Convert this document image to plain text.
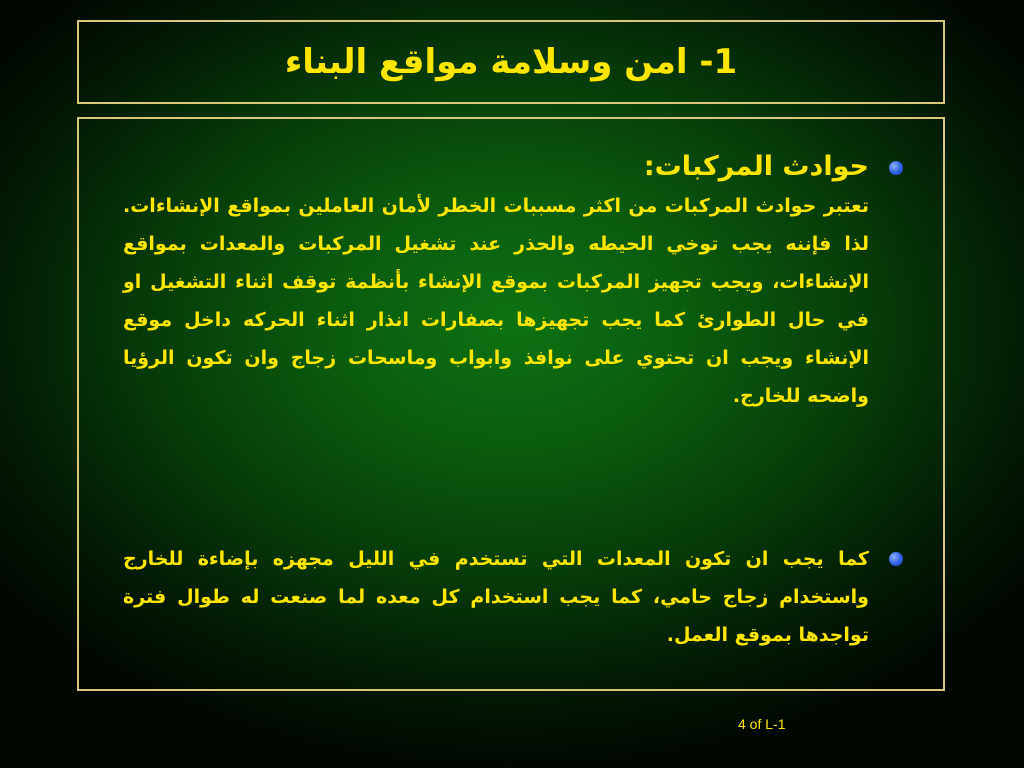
1- امن وسلامة مواقع البناء
حوادث المركبات:
تعتبر حوادث المركبات من اكثر مسببات الخطر لأمان العاملين بمواقع الإنشاءات. لذا فإننه يجب توخي الحيطه والحذر عند تشغيل المركبات والمعدات بمواقع الإنشاءات، ويجب تجهيز المركبات بموقع الإنشاء بأنظمة توقف اثناء التشغيل او في حال الطوارئ كما يجب تجهيزها بصفارات انذار اثناء الحركه داخل موقع الإنشاء ويجب ان تحتوي على نوافذ وابواب وماسحات زجاج وان تكون الرؤيا واضحه للخارج.
كما يجب ان تكون المعدات التي تستخدم في الليل مجهزه بإضاءة للخارج واستخدام زجاج حامي، كما يجب استخدام كل معده لما صنعت له طوال فترة تواجدها بموقع العمل.
4 of L-1
